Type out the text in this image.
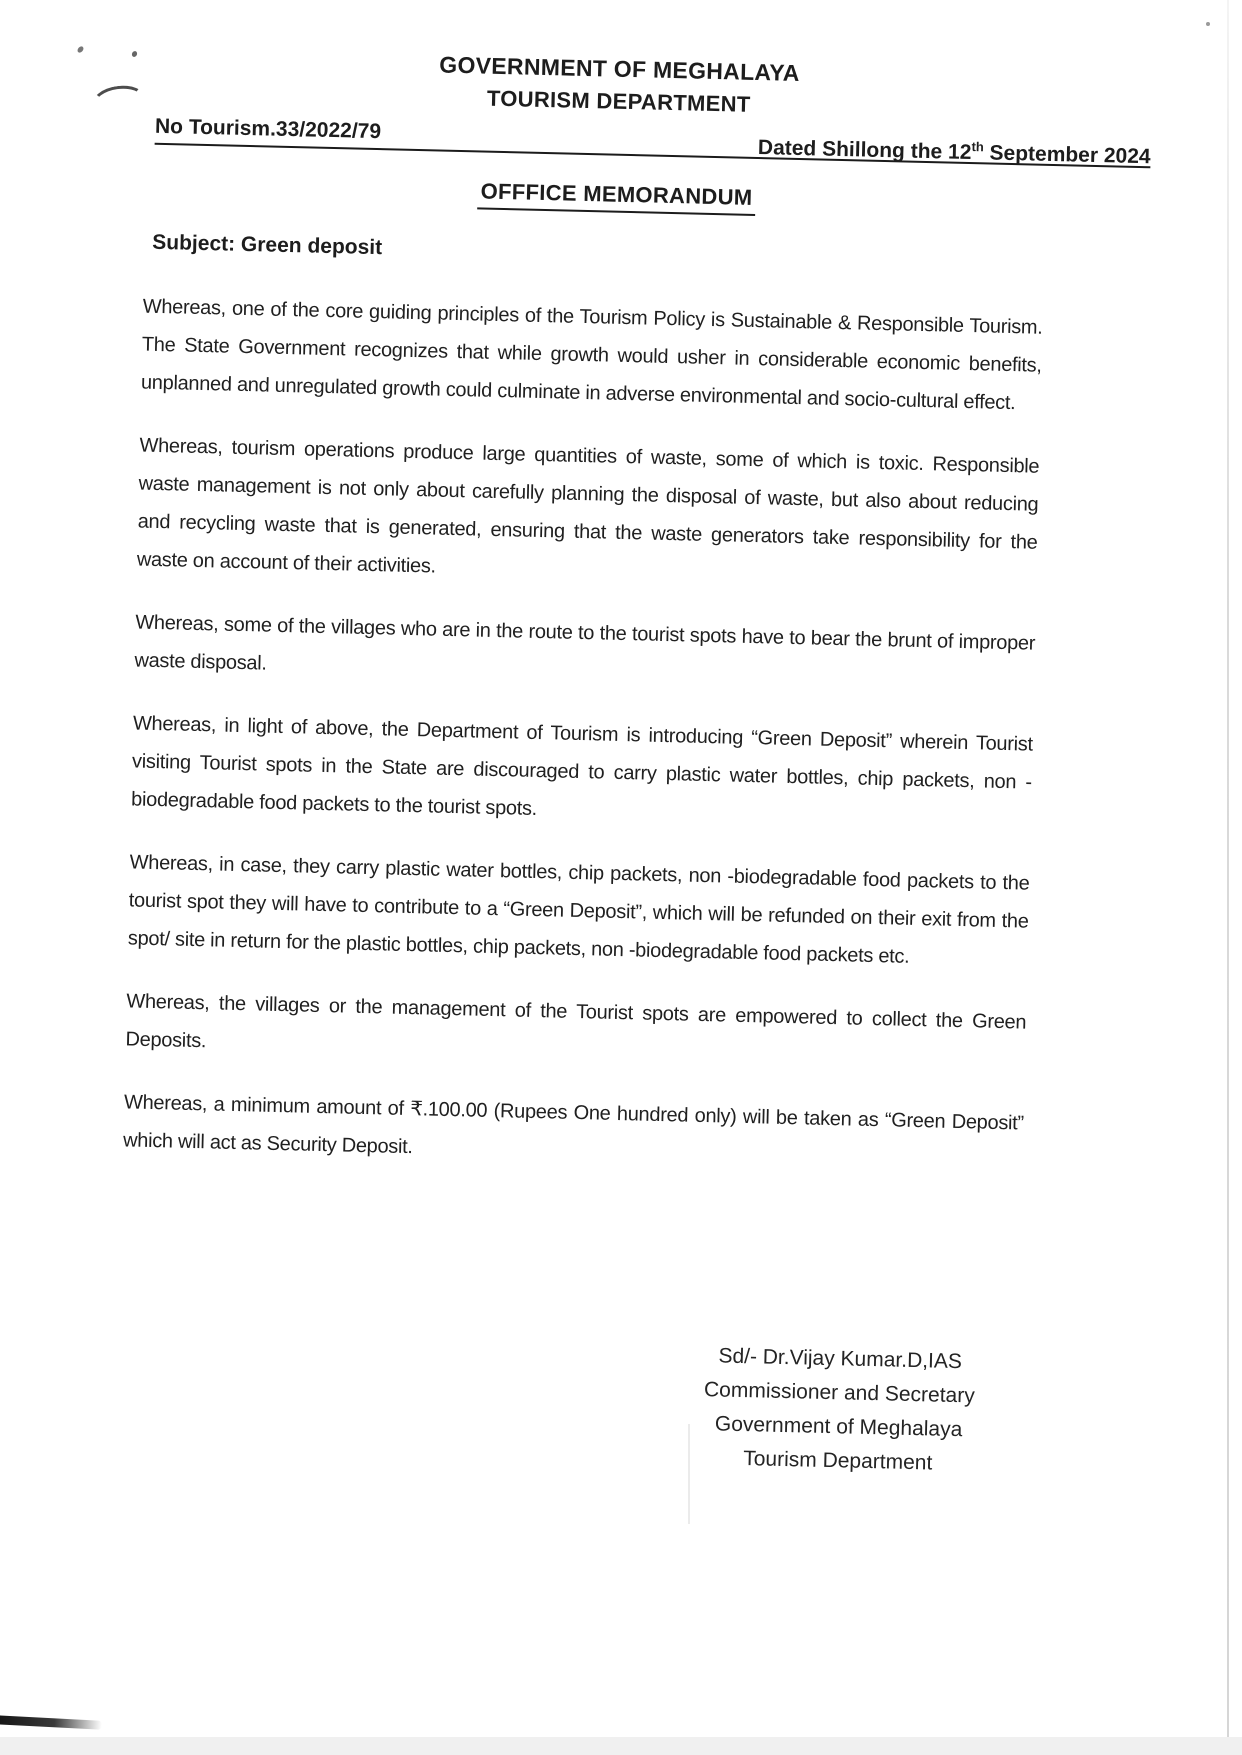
GOVERNMENT OF MEGHALAYA
TOURISM DEPARTMENT
No Tourism.33/2022/79
Dated Shillong the 12th September 2024
OFFFICE MEMORANDUM
Subject: Green deposit

Whereas, one of the core guiding principles of the Tourism Policy is Sustainable & Responsible Tourism. The State Government recognizes that while growth would usher in considerable economic benefits, unplanned and unregulated growth could culminate in adverse environmental and socio-cultural effect.

Whereas, tourism operations produce large quantities of waste, some of which is toxic. Responsible waste management is not only about carefully planning the disposal of waste, but also about reducing and recycling waste that is generated, ensuring that the waste generators take responsibility for the waste on account of their activities.

Whereas, some of the villages who are in the route to the tourist spots have to bear the brunt of improper waste disposal.

Whereas, in light of above, the Department of Tourism is introducing “Green Deposit” wherein Tourist visiting Tourist spots in the State are discouraged to carry plastic water bottles, chip packets, non -biodegradable food packets to the tourist spots.

Whereas, in case, they carry plastic water bottles, chip packets, non -biodegradable food packets to the tourist spot they will have to contribute to a “Green Deposit”, which will be refunded on their exit from the spot/ site in return for the plastic bottles, chip packets, non -biodegradable food packets etc.

Whereas, the villages or the management of the Tourist spots are empowered to collect the Green Deposits.

Whereas, a minimum amount of ₹.100.00 (Rupees One hundred only) will be taken as “Green Deposit” which will act as Security Deposit.

Sd/- Dr.Vijay Kumar.D,IAS
Commissioner and Secretary
Government of Meghalaya
Tourism Department
